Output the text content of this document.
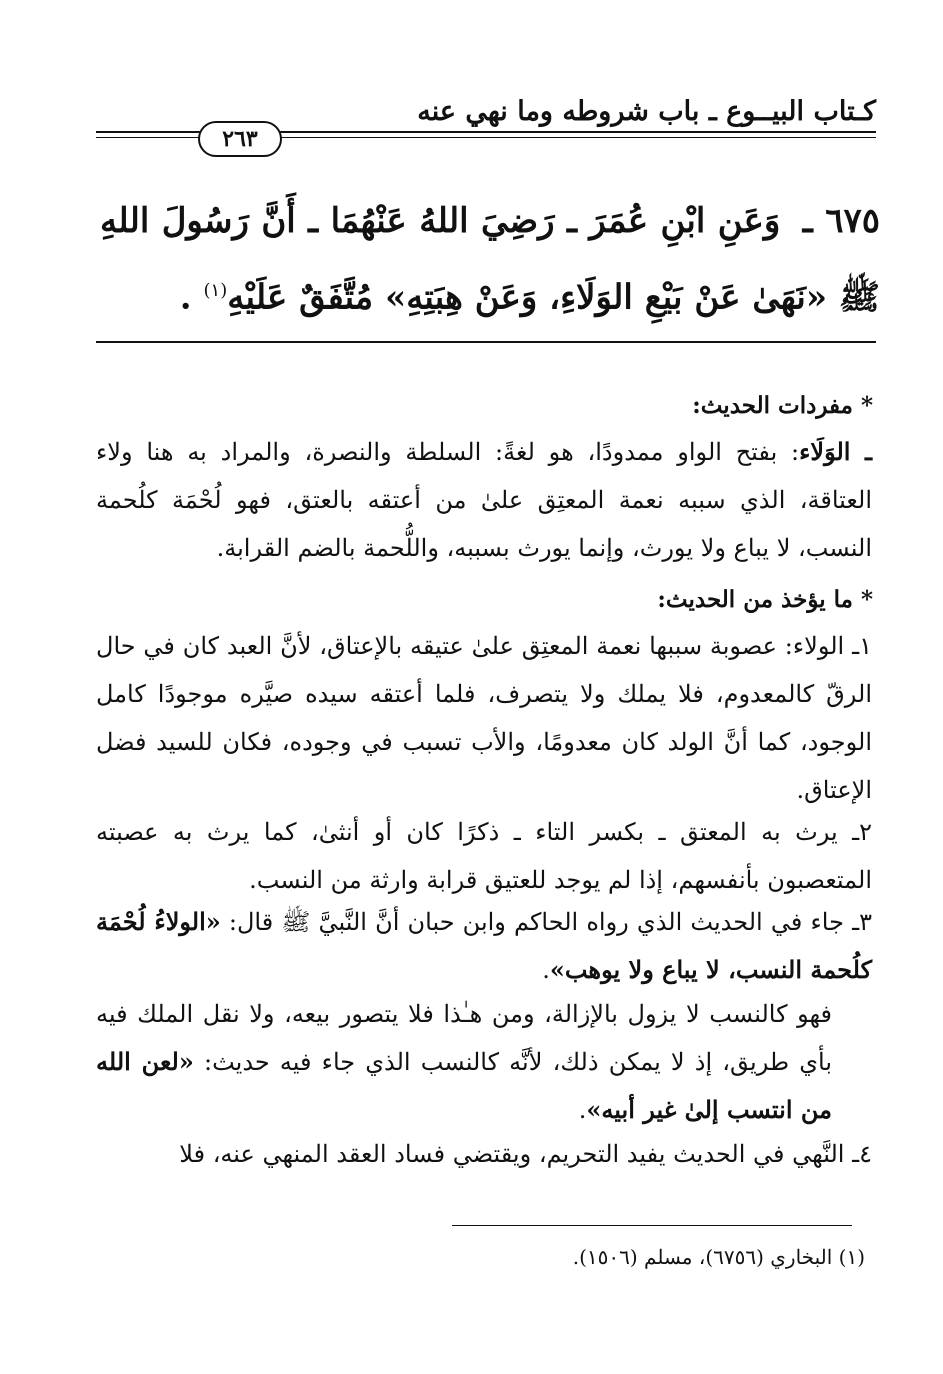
كـتاب البيــوع ـ باب شروطه وما نهي عنه
٢٦٣
٦٧٥ ـ وَعَنِ ابْنِ عُمَرَ ـ رَضِيَ اللهُ عَنْهُمَا ـ أَنَّ رَسُولَ اللهِ ﷺ «نَهَىٰ عَنْ بَيْعِ الوَلَاءِ، وَعَنْ هِبَتِهِ» مُتَّفَقٌ عَلَيْهِ$^{(١)}$ .
* مفردات الحديث:
ـ الوَلَاء: بفتح الواو ممدودًا، هو لغةً: السلطة والنصرة، والمراد به هنا ولاء العتاقة، الذي سببه نعمة المعتِق علىٰ من أعتقه بالعتق، فهو لُحْمَة كلُحمة النسب، لا يباع ولا يورث، وإنما يورث بسببه، واللُّحمة بالضم القرابة.
* ما يؤخذ من الحديث:
١ـ الولاء: عصوبة سببها نعمة المعتِق علىٰ عتيقه بالإعتاق، لأنَّ العبد كان في حال الرقّ كالمعدوم، فلا يملك ولا يتصرف، فلما أعتقه سيده صيَّره موجودًا كامل الوجود، كما أنَّ الولد كان معدومًا، والأب تسبب في وجوده، فكان للسيد فضل الإعتاق.
٢ـ يرث به المعتق ـ بكسر التاء ـ ذكرًا كان أو أنثىٰ، كما يرث به عصبته المتعصبون بأنفسهم، إذا لم يوجد للعتيق قرابة وارثة من النسب.
٣ـ جاء في الحديث الذي رواه الحاكم وابن حبان أنَّ النَّبيَّ ﷺ قال: «الولاءُ لُحْمَة كلُحمة النسب، لا يباع ولا يوهب».
فهو كالنسب لا يزول بالإزالة، ومن هـٰذا فلا يتصور بيعه، ولا نقل الملك فيه بأي طريق، إذ لا يمكن ذلك، لأنَّه كالنسب الذي جاء فيه حديث: «لعن الله من انتسب إلىٰ غير أبيه».
٤ـ النَّهي في الحديث يفيد التحريم، ويقتضي فساد العقد المنهي عنه، فلا
(١) البخاري (٦٧٥٦)، مسلم (١٥٠٦).
